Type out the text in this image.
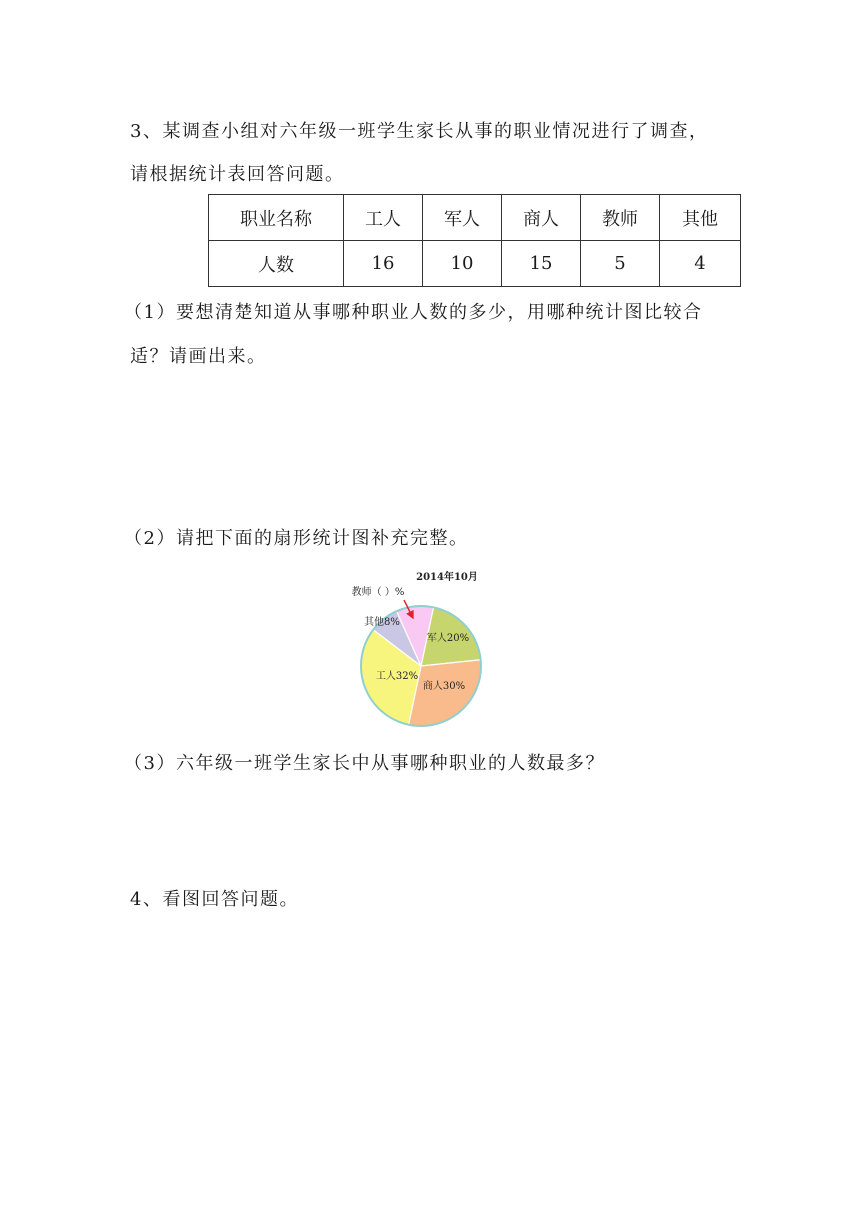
3、某调查小组对六年级一班学生家长从事的职业情况进行了调查，
请根据统计表回答问题。
职业名称	工人	军人	商人	教师	其他
人数	16	10	15	5	4
（1）要想清楚知道从事哪种职业人数的多少，用哪种统计图比较合
适？请画出来。
（2）请把下面的扇形统计图补充完整。
2014年10月
军人20%
商人30%
工人32%
其他8%
教师（ ）%
（3）六年级一班学生家长中从事哪种职业的人数最多？
4、看图回答问题。
